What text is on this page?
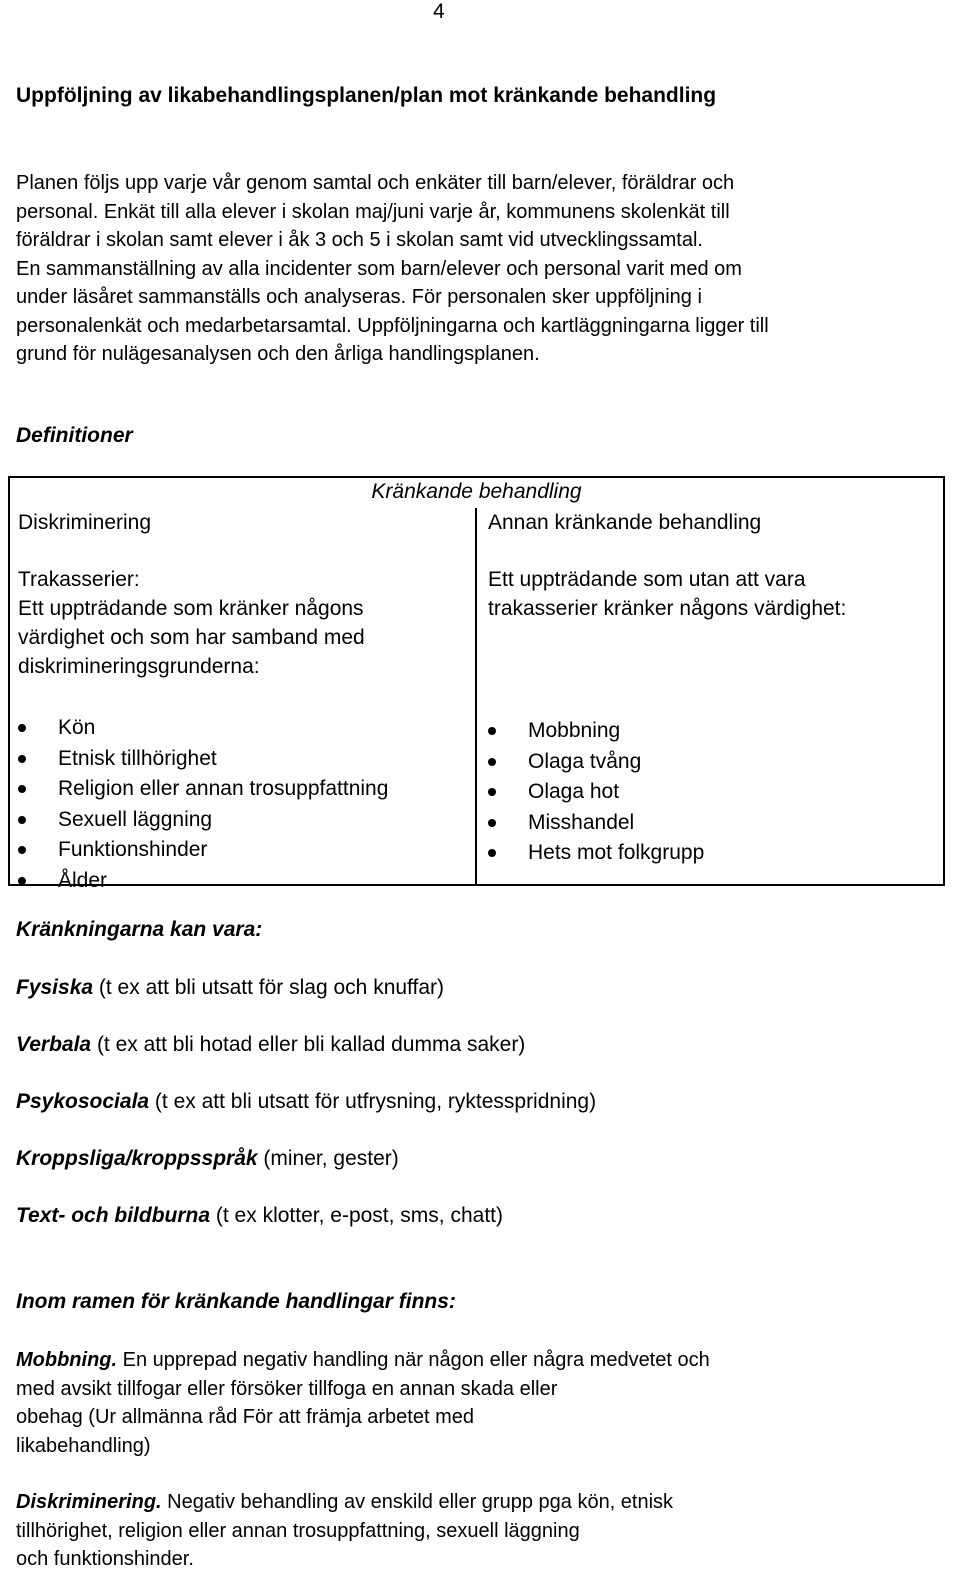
4
Uppföljning av likabehandlingsplanen/plan mot kränkande behandling
Planen följs upp varje vår genom samtal och enkäter till barn/elever, föräldrar och
personal. Enkät till alla elever i skolan maj/juni varje år, kommunens skolenkät till
föräldrar i skolan samt elever i åk 3 och 5 i skolan samt vid utvecklingssamtal.
En sammanställning av alla incidenter som barn/elever och personal varit med om
under läsåret sammanställs och analyseras. För personalen sker uppföljning i
personalenkät och medarbetarsamtal. Uppföljningarna och kartläggningarna ligger till
grund för nulägesanalysen och den årliga handlingsplanen.
Definitioner
Kränkande behandling
Diskriminering
Trakasserier:
Ett uppträdande som kränker någons
värdighet och som har samband med
diskrimineringsgrunderna:
Kön
Etnisk tillhörighet
Religion eller annan trosuppfattning
Sexuell läggning
Funktionshinder
Ålder
Annan kränkande behandling
Ett uppträdande som utan att vara
trakasserier kränker någons värdighet:
Mobbning
Olaga tvång
Olaga hot
Misshandel
Hets mot folkgrupp
Kränkningarna kan vara:
Fysiska (t ex att bli utsatt för slag och knuffar)
Verbala (t ex att bli hotad eller bli kallad dumma saker)
Psykosociala (t ex att bli utsatt för utfrysning, ryktesspridning)
Kroppsliga/kroppsspråk (miner, gester)
Text- och bildburna (t ex klotter, e-post, sms, chatt)
Inom ramen för kränkande handlingar finns:
Mobbning. En upprepad negativ handling när någon eller några medvetet och
med avsikt tillfogar eller försöker tillfoga en annan skada eller
obehag (Ur allmänna råd För att främja arbetet med
likabehandling)
Diskriminering. Negativ behandling av enskild eller grupp pga kön, etnisk
tillhörighet, religion eller annan trosuppfattning, sexuell läggning
och funktionshinder.
